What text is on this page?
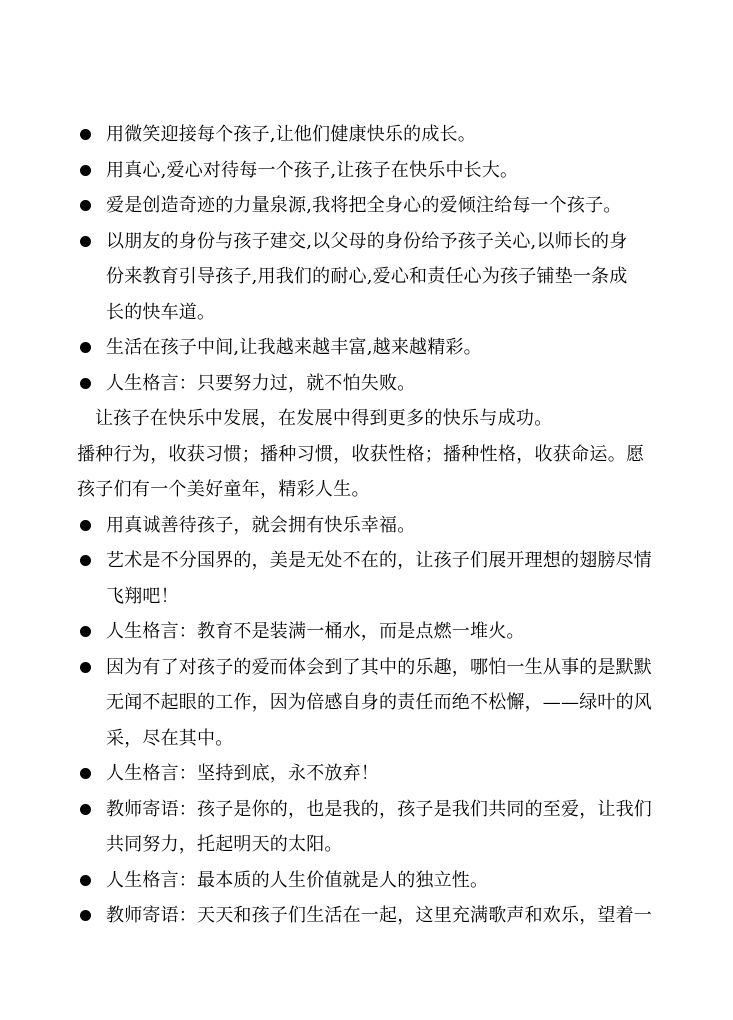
用微笑迎接每个孩子,让他们健康快乐的成长。
用真心,爱心对待每一个孩子,让孩子在快乐中长大。
爱是创造奇迹的力量泉源,我将把全身心的爱倾注给每一个孩子。
以朋友的身份与孩子建交,以父母的身份给予孩子关心,以师长的身
份来教育引导孩子,用我们的耐心,爱心和责任心为孩子铺垫一条成
长的快车道。
生活在孩子中间,让我越来越丰富,越来越精彩。
人生格言：只要努力过，就不怕失败。
让孩子在快乐中发展，在发展中得到更多的快乐与成功。
播种行为，收获习惯；播种习惯，收获性格；播种性格，收获命运。愿
孩子们有一个美好童年，精彩人生。
用真诚善待孩子，就会拥有快乐幸福。
艺术是不分国界的，美是无处不在的，让孩子们展开理想的翅膀尽情
飞翔吧！
人生格言：教育不是装满一桶水，而是点燃一堆火。
因为有了对孩子的爱而体会到了其中的乐趣，哪怕一生从事的是默默
无闻不起眼的工作，因为倍感自身的责任而绝不松懈，——绿叶的风
采，尽在其中。
人生格言：坚持到底，永不放弃！
教师寄语：孩子是你的，也是我的，孩子是我们共同的至爱，让我们
共同努力，托起明天的太阳。
人生格言：最本质的人生价值就是人的独立性。
教师寄语：天天和孩子们生活在一起，这里充满歌声和欢乐，望着一
